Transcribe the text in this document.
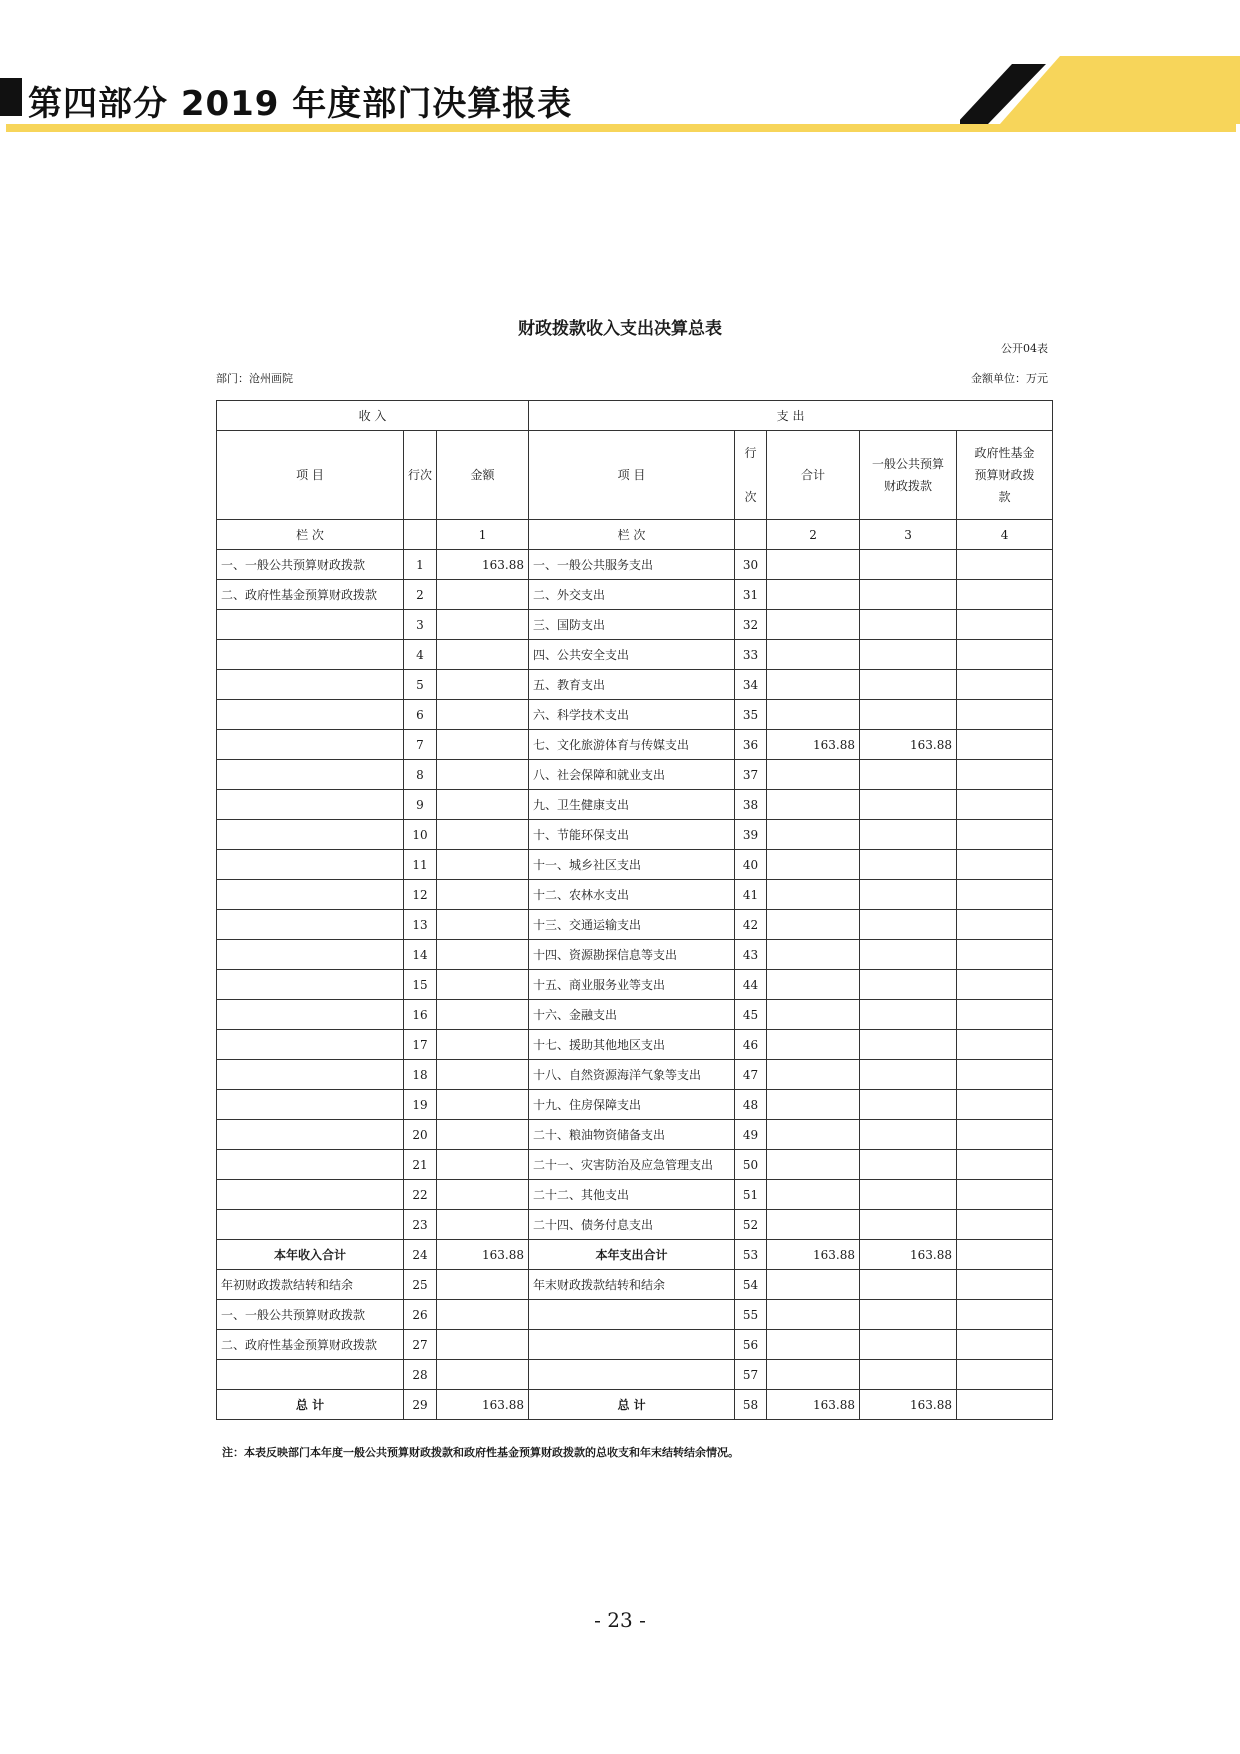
第四部分 2019 年度部门决算报表
财政拨款收入支出决算总表
公开04表
部门：沧州画院	金额单位：万元
收 入			支 出				
项 目	行次	金额	项 目	行次	合计	一般公共预算财政拨款	政府性基金预算财政拨款
栏 次		1	栏 次		2	3	4
一、一般公共预算财政拨款	1	163.88	一、一般公共服务支出	30			
二、政府性基金预算财政拨款	2		二、外交支出	31			
	3		三、国防支出	32			
	4		四、公共安全支出	33			
	5		五、教育支出	34			
	6		六、科学技术支出	35			
	7		七、文化旅游体育与传媒支出	36	163.88	163.88	
	8		八、社会保障和就业支出	37			
	9		九、卫生健康支出	38			
	10		十、节能环保支出	39			
	11		十一、城乡社区支出	40			
	12		十二、农林水支出	41			
	13		十三、交通运输支出	42			
	14		十四、资源勘探信息等支出	43			
	15		十五、商业服务业等支出	44			
	16		十六、金融支出	45			
	17		十七、援助其他地区支出	46			
	18		十八、自然资源海洋气象等支出	47			
	19		十九、住房保障支出	48			
	20		二十、粮油物资储备支出	49			
	21		二十一、灾害防治及应急管理支出	50			
	22		二十二、其他支出	51			
	23		二十四、债务付息支出	52			
本年收入合计	24	163.88	本年支出合计	53	163.88	163.88	
年初财政拨款结转和结余	25		年末财政拨款结转和结余	54			
一、一般公共预算财政拨款	26			55			
二、政府性基金预算财政拨款	27			56			
	28			57			
总 计	29	163.88	总 计	58	163.88	163.88	
注：本表反映部门本年度一般公共预算财政拨款和政府性基金预算财政拨款的总收支和年末结转结余情况。
- 23 -
